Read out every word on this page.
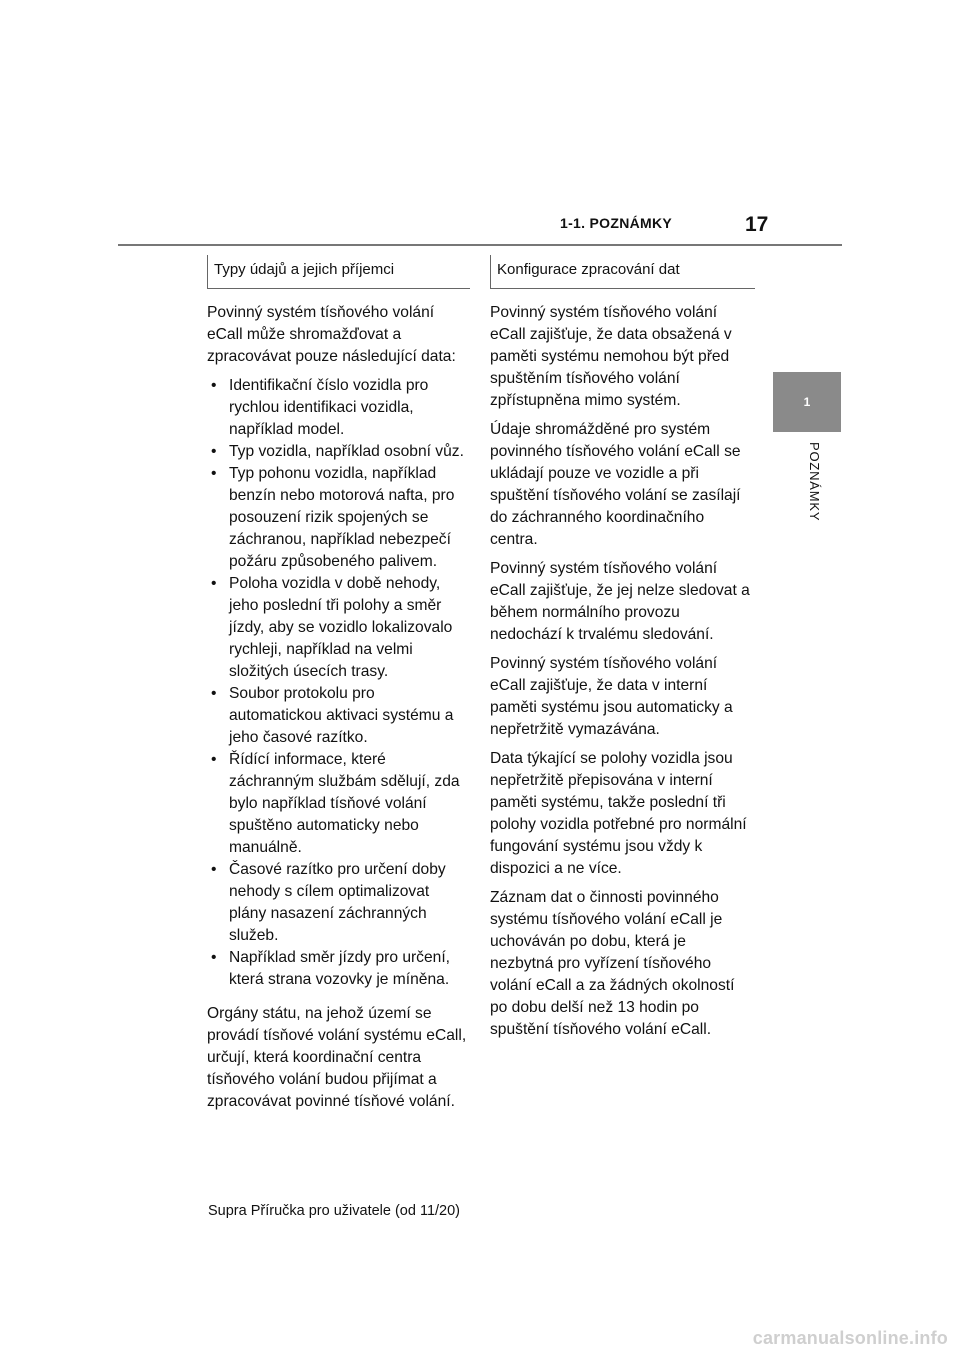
1-1. POZNÁMKY	17
1
POZNÁMKY
Typy údajů a jejich příjemci

Povinný systém tísňového volání eCall může shromažďovat a zpracovávat pouze následující data:

• Identifikační číslo vozidla pro rychlou identifikaci vozidla, například model.
• Typ vozidla, například osobní vůz.
• Typ pohonu vozidla, například benzín nebo motorová nafta, pro posouzení rizik spojených se záchranou, například nebezpečí požáru způsobeného palivem.
• Poloha vozidla v době nehody, jeho poslední tři polohy a směr jízdy, aby se vozidlo lokalizovalo rychleji, například na velmi složitých úsecích trasy.
• Soubor protokolu pro automatickou aktivaci systému a jeho časové razítko.
• Řídící informace, které záchranným službám sdělují, zda bylo například tísňové volání spuštěno automaticky nebo manuálně.
• Časové razítko pro určení doby nehody s cílem optimalizovat plány nasazení záchranných služeb.
• Například směr jízdy pro určení, která strana vozovky je míněna.

Orgány státu, na jehož území se provádí tísňové volání systému eCall, určují, která koordinační centra tísňového volání budou přijímat a zpracovávat povinné tísňové volání.

Konfigurace zpracování dat

Povinný systém tísňového volání eCall zajišťuje, že data obsažená v paměti systému nemohou být před spuštěním tísňového volání zpřístupněna mimo systém.

Údaje shromážděné pro systém povinného tísňového volání eCall se ukládají pouze ve vozidle a při spuštění tísňového volání se zasílají do záchranného koordinačního centra.

Povinný systém tísňového volání eCall zajišťuje, že jej nelze sledovat a během normálního provozu nedochází k trvalému sledování.

Povinný systém tísňového volání eCall zajišťuje, že data v interní paměti systému jsou automaticky a nepřetržitě vymazávána.

Data týkající se polohy vozidla jsou nepřetržitě přepisována v interní paměti systému, takže poslední tři polohy vozidla potřebné pro normální fungování systému jsou vždy k dispozici a ne více.

Záznam dat o činnosti povinného systému tísňového volání eCall je uchováván po dobu, která je nezbytná pro vyřízení tísňového volání eCall a za žádných okolností po dobu delší než 13 hodin po spuštění tísňového volání eCall.

Supra Příručka pro uživatele (od 11/20)
carmanualsonline.info
